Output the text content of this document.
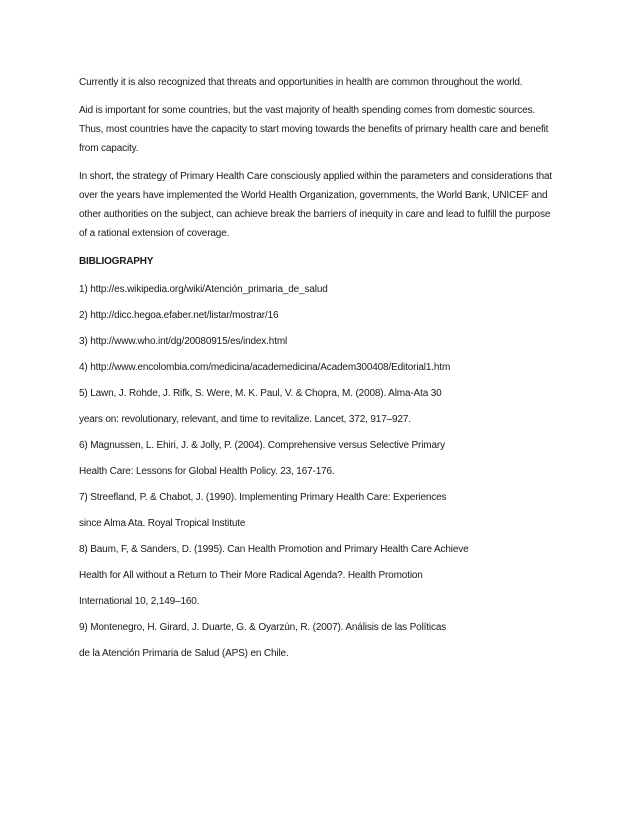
Currently it is also recognized that threats and opportunities in health are common throughout the world.

Aid is important for some countries, but the vast majority of health spending comes from domestic sources. Thus, most countries have the capacity to start moving towards the benefits of primary health care and benefit from capacity.

In short, the strategy of Primary Health Care consciously applied within the parameters and considerations that over the years have implemented the World Health Organization, governments, the World Bank, UNICEF and other authorities on the subject, can achieve break the barriers of inequity in care and lead to fulfill the purpose of a rational extension of coverage.

BIBLIOGRAPHY

1) http://es.wikipedia.org/wiki/Atención_primaria_de_salud

2) http://dicc.hegoa.efaber.net/listar/mostrar/16

3) http://www.who.int/dg/20080915/es/index.html

4) http://www.encolombia.com/medicina/academedicina/Academ300408/Editorial1.htm

5) Lawn, J. Rohde, J. Rifk, S. Were, M. K. Paul, V. & Chopra, M. (2008). Alma-Ata 30

years on: revolutionary, relevant, and time to revitalize. Lancet, 372, 917–927.

6) Magnussen, L. Ehiri, J. & Jolly, P. (2004). Comprehensive versus Selective Primary

Health Care: Lessons for Global Health Policy. 23, 167-176.

7) Streefland, P. & Chabot, J. (1990). Implementing Primary Health Care: Experiences

since Alma Ata. Royal Tropical Institute

8) Baum, F, & Sanders, D. (1995). Can Health Promotion and Primary Health Care Achieve

Health for All without a Return to Their More Radical Agenda?. Health Promotion

International 10, 2,149–160.

9) Montenegro, H. Girard, J. Duarte, G. & Oyarzún, R. (2007). Análisis de las Políticas

de la Atención Primaria de Salud (APS) en Chile.
